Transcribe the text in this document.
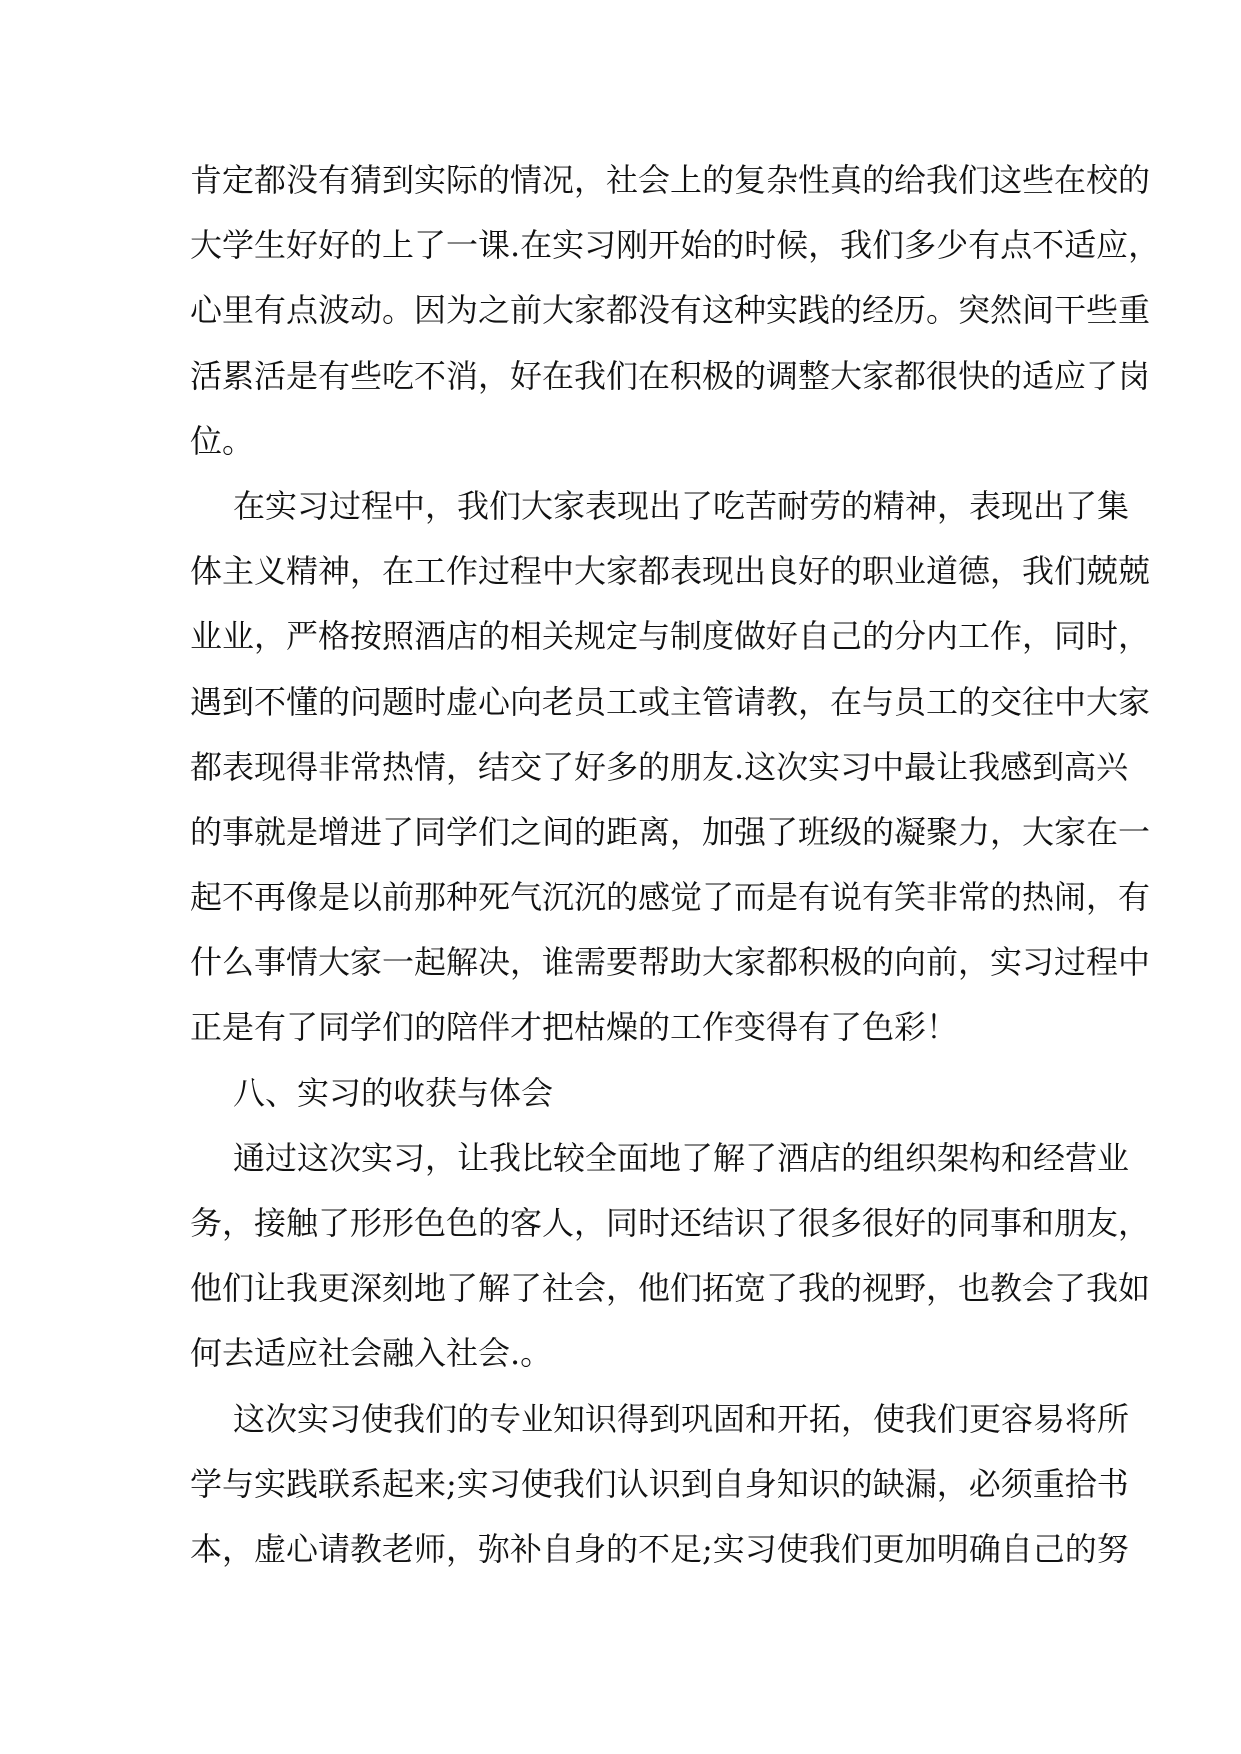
肯定都没有猜到实际的情况，社会上的复杂性真的给我们这些在校的
大学生好好的上了一课.在实习刚开始的时候，我们多少有点不适应，
心里有点波动。因为之前大家都没有这种实践的经历。突然间干些重
活累活是有些吃不消，好在我们在积极的调整大家都很快的适应了岗
位。
在实习过程中，我们大家表现出了吃苦耐劳的精神，表现出了集
体主义精神，在工作过程中大家都表现出良好的职业道德，我们兢兢
业业，严格按照酒店的相关规定与制度做好自己的分内工作，同时，
遇到不懂的问题时虚心向老员工或主管请教，在与员工的交往中大家
都表现得非常热情，结交了好多的朋友.这次实习中最让我感到高兴
的事就是增进了同学们之间的距离，加强了班级的凝聚力，大家在一
起不再像是以前那种死气沉沉的感觉了而是有说有笑非常的热闹，有
什么事情大家一起解决，谁需要帮助大家都积极的向前，实习过程中
正是有了同学们的陪伴才把枯燥的工作变得有了色彩！
八、实习的收获与体会
通过这次实习，让我比较全面地了解了酒店的组织架构和经营业
务，接触了形形色色的客人，同时还结识了很多很好的同事和朋友，
他们让我更深刻地了解了社会，他们拓宽了我的视野，也教会了我如
何去适应社会融入社会.。
这次实习使我们的专业知识得到巩固和开拓，使我们更容易将所
学与实践联系起来;实习使我们认识到自身知识的缺漏，必须重拾书
本，虚心请教老师，弥补自身的不足;实习使我们更加明确自己的努
